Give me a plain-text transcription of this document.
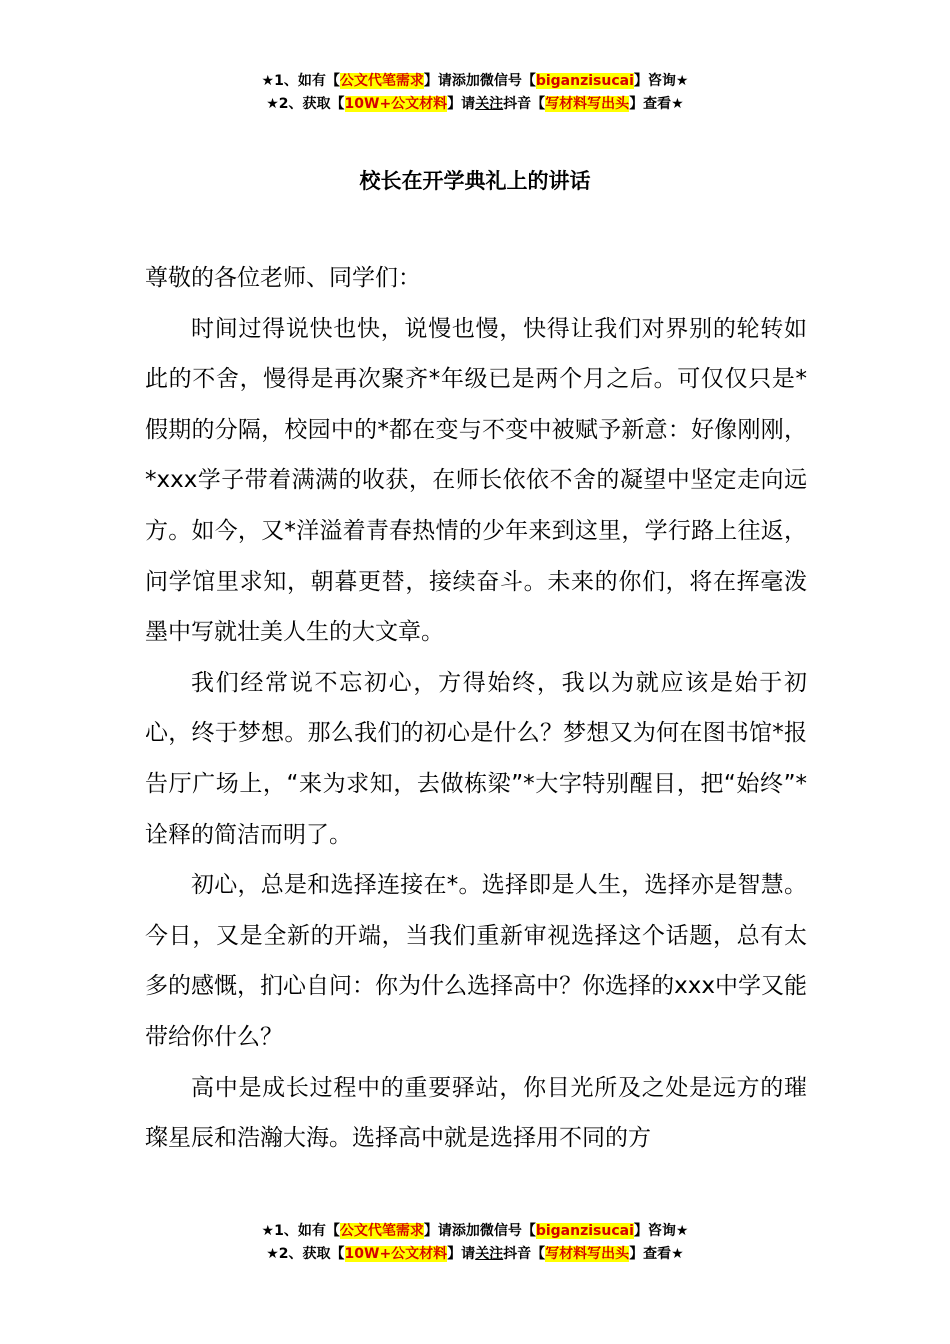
★1、如有【公文代笔需求】请添加微信号【biganzisucai】咨询★
★2、获取【10W+公文材料】请关注抖音【写材料写出头】查看★
校长在开学典礼上的讲话

尊敬的各位老师、同学们：

时间过得说快也快，说慢也慢，快得让我们对界别的轮转如此的不舍，慢得是再次聚齐*年级已是两个月之后。可仅仅只是*假期的分隔，校园中的*都在变与不变中被赋予新意：好像刚刚，*xxx学子带着满满的收获，在师长依依不舍的凝望中坚定走向远方。如今，又*洋溢着青春热情的少年来到这里，学行路上往返，问学馆里求知，朝暮更替，接续奋斗。未来的你们，将在挥毫泼墨中写就壮美人生的大文章。

我们经常说不忘初心，方得始终，我以为就应该是始于初心，终于梦想。那么我们的初心是什么？梦想又为何在图书馆*报告厅广场上，“来为求知，去做栋梁”*大字特别醒目，把“始终”*诠释的简洁而明了。

初心，总是和选择连接在*。选择即是人生，选择亦是智慧。今日，又是全新的开端，当我们重新审视选择这个话题，总有太多的感慨，扪心自问：你为什么选择高中？你选择的xxx中学又能带给你什么？

高中是成长过程中的重要驿站，你目光所及之处是远方的璀璨星辰和浩瀚大海。选择高中就是选择用不同的方

★1、如有【公文代笔需求】请添加微信号【biganzisucai】咨询★
★2、获取【10W+公文材料】请关注抖音【写材料写出头】查看★
